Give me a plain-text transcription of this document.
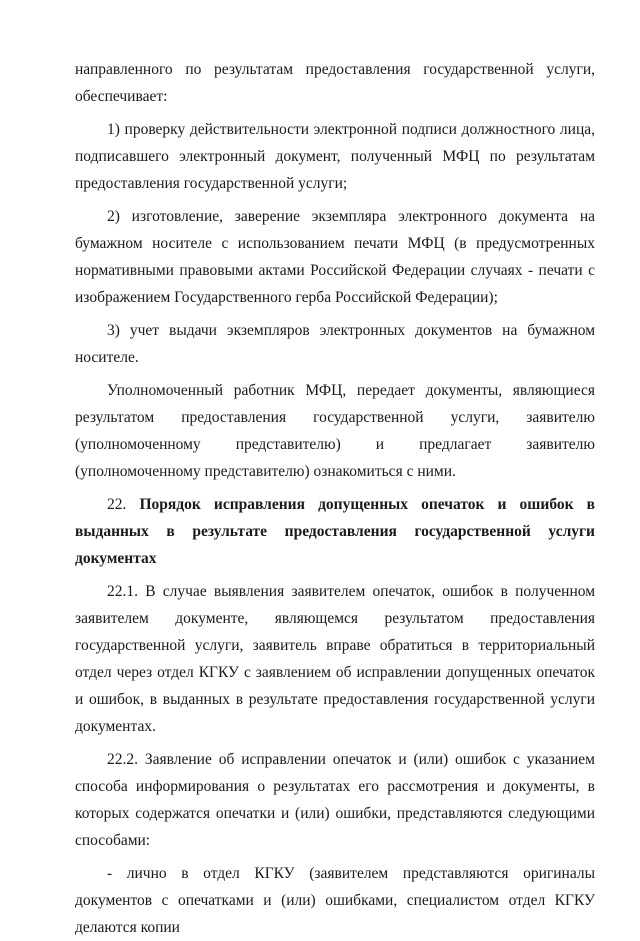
направленного по результатам предоставления государственной услуги, обеспечивает:

1) проверку действительности электронной подписи должностного лица, подписавшего электронный документ, полученный МФЦ по результатам предоставления государственной услуги;

2) изготовление, заверение экземпляра электронного документа на бумажном носителе с использованием печати МФЦ (в предусмотренных нормативными правовыми актами Российской Федерации случаях - печати с изображением Государственного герба Российской Федерации);

3) учет выдачи экземпляров электронных документов на бумажном носителе.

Уполномоченный работник МФЦ, передает документы, являющиеся результатом предоставления государственной услуги, заявителю (уполномоченному представителю) и предлагает заявителю (уполномоченному представителю) ознакомиться с ними.

22. Порядок исправления допущенных опечаток и ошибок в выданных в результате предоставления государственной услуги документах

22.1. В случае выявления заявителем опечаток, ошибок в полученном заявителем документе, являющемся результатом предоставления государственной услуги, заявитель вправе обратиться в территориальный отдел через отдел КГКУ с заявлением об исправлении допущенных опечаток и ошибок, в выданных в результате предоставления государственной услуги документах.

22.2. Заявление об исправлении опечаток и (или) ошибок с указанием способа информирования о результатах его рассмотрения и документы, в которых содержатся опечатки и (или) ошибки, представляются следующими способами:

- лично в отдел КГКУ (заявителем представляются оригиналы документов с опечатками и (или) ошибками, специалистом отдел КГКУ делаются копии
